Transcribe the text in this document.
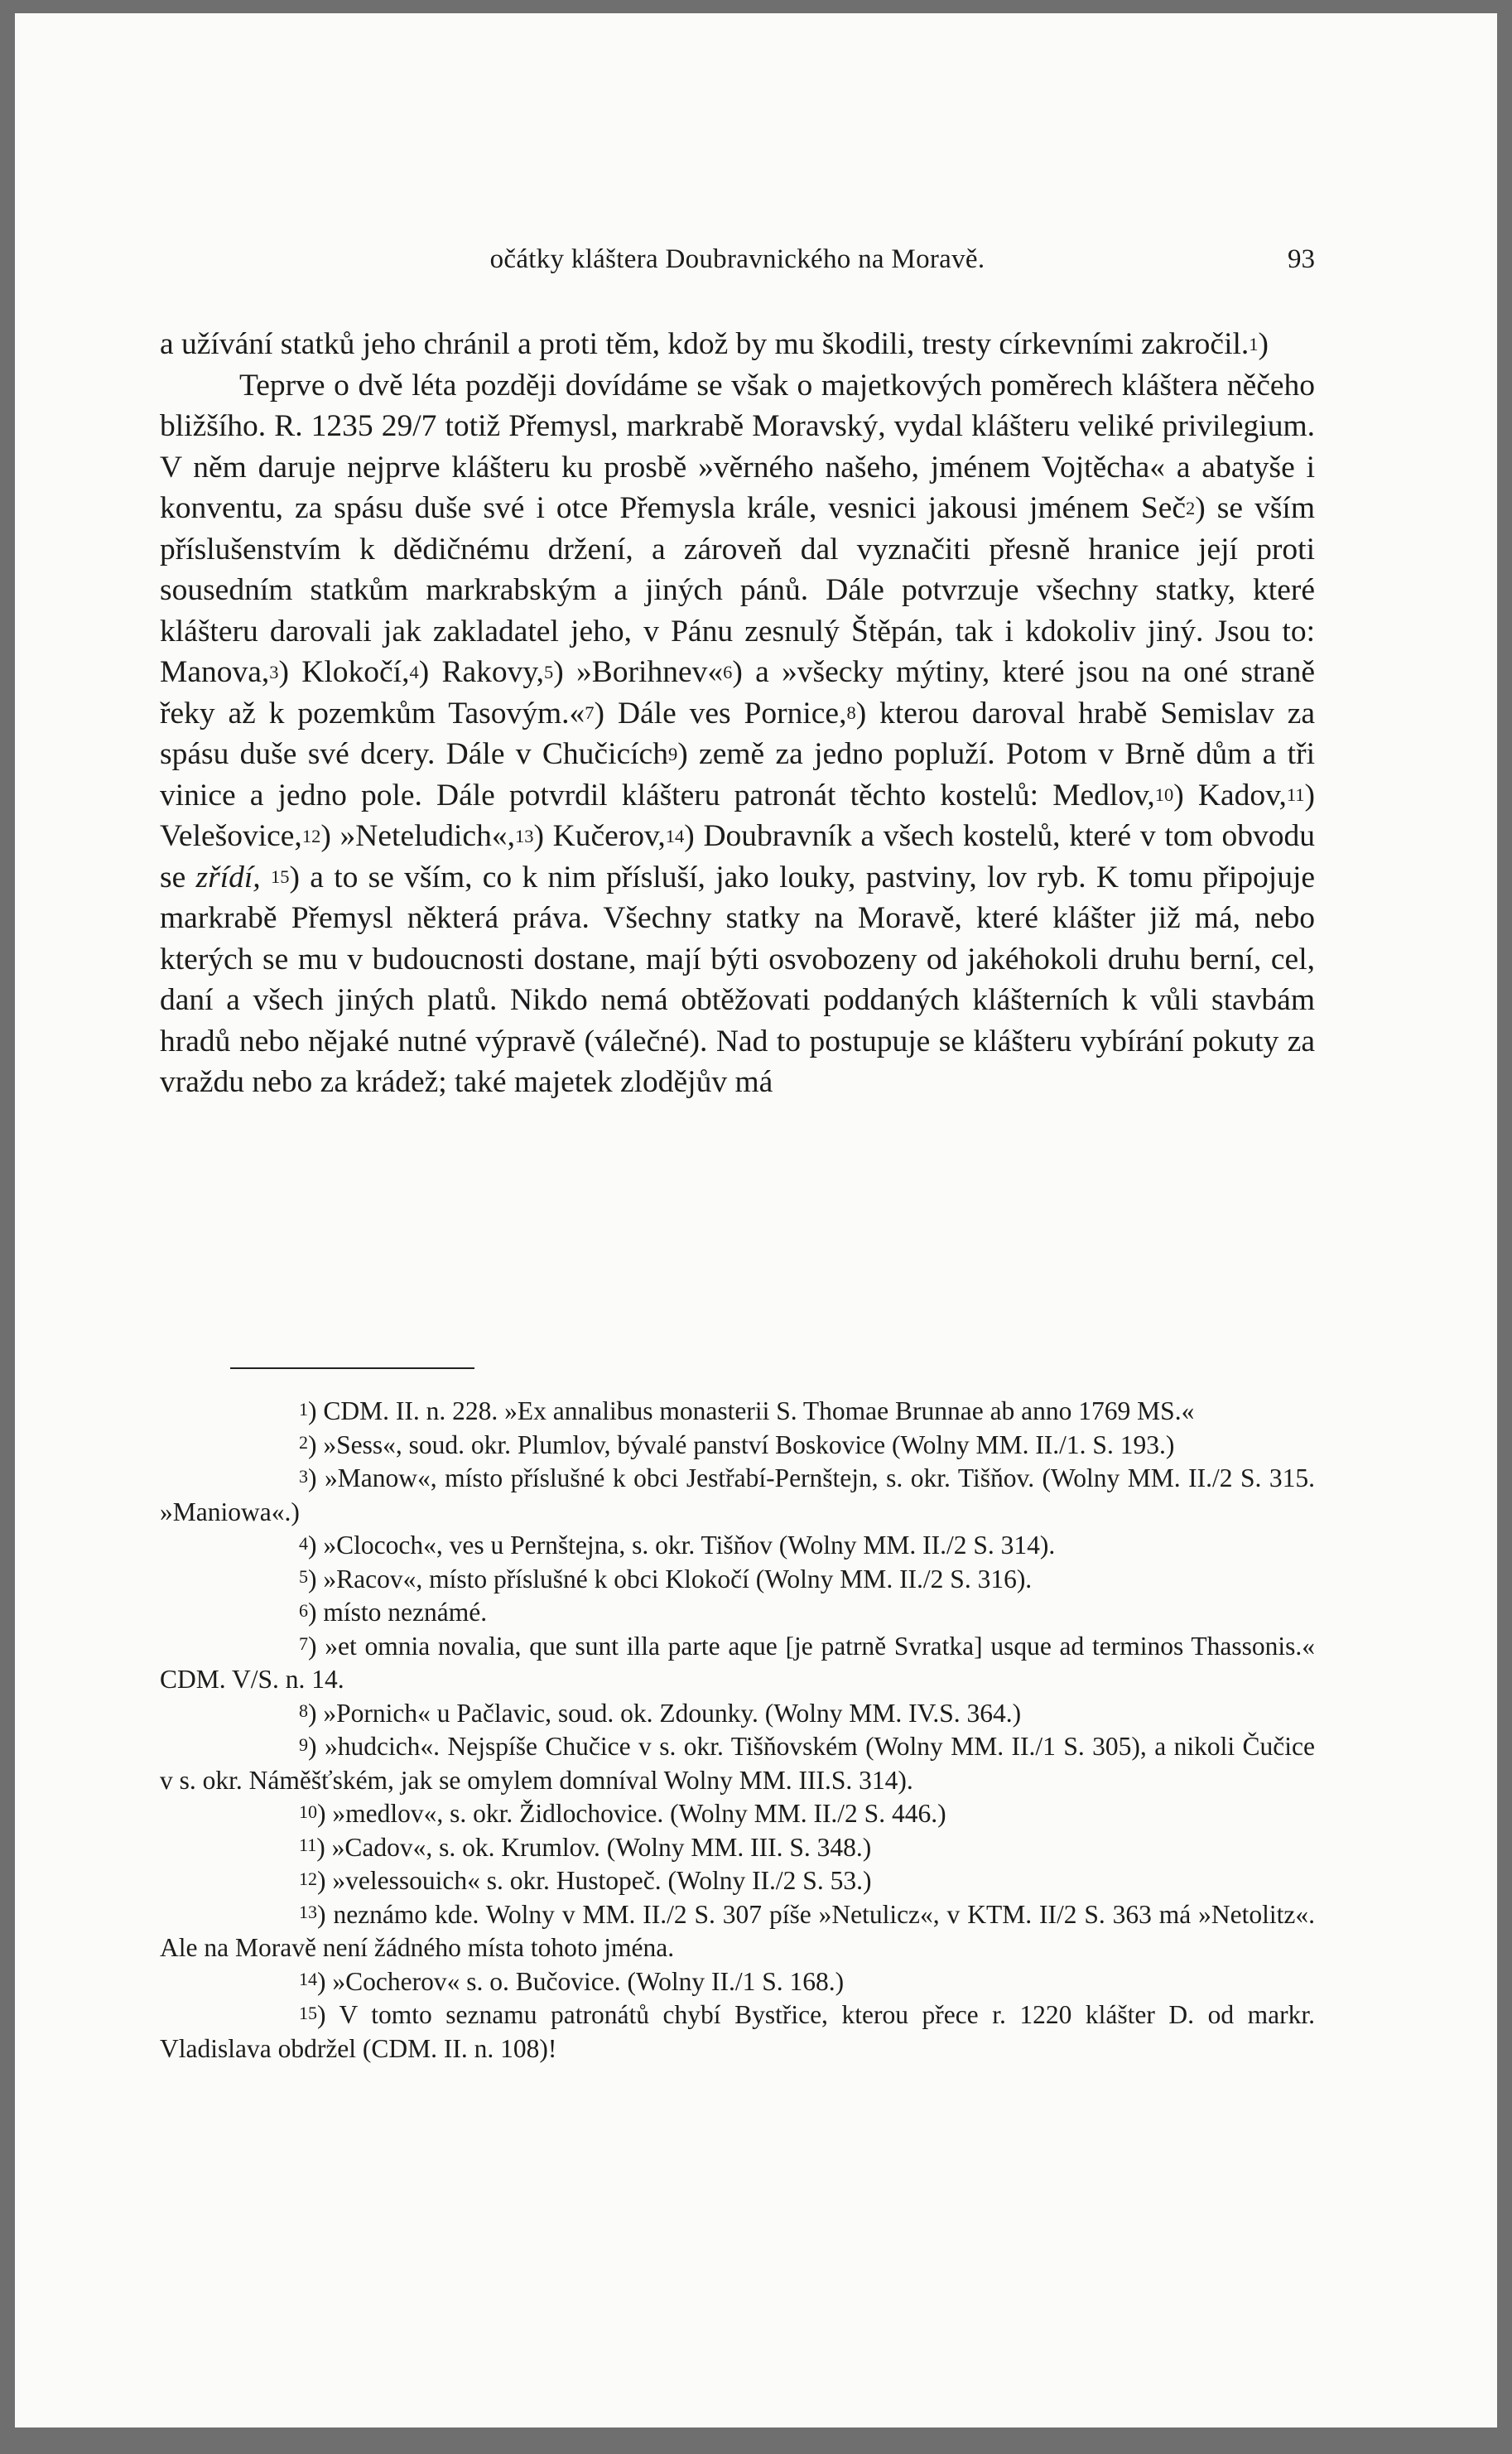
očátky kláštera Doubravnického na Moravě.	93

a užívání statků jeho chránil a proti těm, kdož by mu škodili, tresty církevními zakročil.$^1$)

Teprve o dvě léta později dovídáme se však o majetkových poměrech kláštera něčeho bližšího. R. 1235 29/7 totiž Přemysl, markrabě Moravský, vydal klášteru veliké privilegium. V něm daruje nejprve klášteru ku prosbě »věrného našeho, jménem Vojtěcha« a abatyše i konventu, za spásu duše své i otce Přemysla krále, vesnici jakousi jménem Seč$^2$) se vším příslušenstvím k dědičnému držení, a zároveň dal vyznačiti přesně hranice její proti sousedním statkům markrabským a jiných pánů. Dále potvrzuje všechny statky, které klášteru darovali jak zakladatel jeho, v Pánu zesnulý Štěpán, tak i kdokoliv jiný. Jsou to: Manova,$^3$) Klokočí,$^4$) Rakovy,$^5$) »Borihnev«$^6$) a »všecky mýtiny, které jsou na oné straně řeky až k pozemkům Tasovým.«$^7$) Dále ves Pornice,$^8$) kterou daroval hrabě Semislav za spásu duše své dcery. Dále v Chučicích$^9$) země za jedno popluží. Potom v Brně dům a tři vinice a jedno pole. Dále potvrdil klášteru patronát těchto kostelů: Medlov,$^{10}$) Kadov,$^{11}$) Velešovice,$^{12}$) »Neteludich«,$^{13}$) Kučerov,$^{14}$) Doubravník a všech kostelů, které v tom obvodu se zřídí, $^{15}$) a to se vším, co k nim přísluší, jako louky, pastviny, lov ryb. K tomu připojuje markrabě Přemysl některá práva. Všechny statky na Moravě, které klášter již má, nebo kterých se mu v budoucnosti dostane, mají býti osvobozeny od jakéhokoli druhu berní, cel, daní a všech jiných platů. Nikdo nemá obtěžovati poddaných klášterních k vůli stavbám hradů nebo nějaké nutné výpravě (válečné). Nad to postupuje se klášteru vybírání pokuty za vraždu nebo za krádež; také majetek zlodějův má

$^1$) CDM. II. n. 228. »Ex annalibus monasterii S. Thomae Brunnae ab anno 1769 MS.«

$^2$) »Sess«, soud. okr. Plumlov, bývalé panství Boskovice (Wolny MM. II./1. S. 193.)

$^3$) »Manow«, místo příslušné k obci Jestřabí-Pernštejn, s. okr. Tišňov. (Wolny MM. II./2 S. 315. »Maniowa«.)

$^4$) »Clococh«, ves u Pernštejna, s. okr. Tišňov (Wolny MM. II./2 S. 314).

$^5$) »Racov«, místo příslušné k obci Klokočí (Wolny MM. II./2 S. 316).

$^6$) místo neznámé.

$^7$) »et omnia novalia, que sunt illa parte aque [je patrně Svratka] usque ad terminos Thassonis.« CDM. V/S. n. 14.

$^8$) »Pornich« u Pačlavic, soud. ok. Zdounky. (Wolny MM. IV.S. 364.)

$^9$) »hudcich«. Nejspíše Chučice v s. okr. Tišňovském (Wolny MM. II./1 S. 305), a nikoli Čučice v s. okr. Náměšťském, jak se omylem domníval Wolny MM. III.S. 314).

$^{10}$) »medlov«, s. okr. Židlochovice. (Wolny MM. II./2 S. 446.)

$^{11}$) »Cadov«, s. ok. Krumlov. (Wolny MM. III. S. 348.)

$^{12}$) »velessouich« s. okr. Hustopeč. (Wolny II./2 S. 53.)

$^{13}$) neznámo kde. Wolny v MM. II./2 S. 307 píše »Netulicz«, v KTM. II/2 S. 363 má »Netolitz«. Ale na Moravě není žádného místa tohoto jména.

$^{14}$) »Cocherov« s. o. Bučovice. (Wolny II./1 S. 168.)

$^{15}$) V tomto seznamu patronátů chybí Bystřice, kterou přece r. 1220 klášter D. od markr. Vladislava obdržel (CDM. II. n. 108)!
